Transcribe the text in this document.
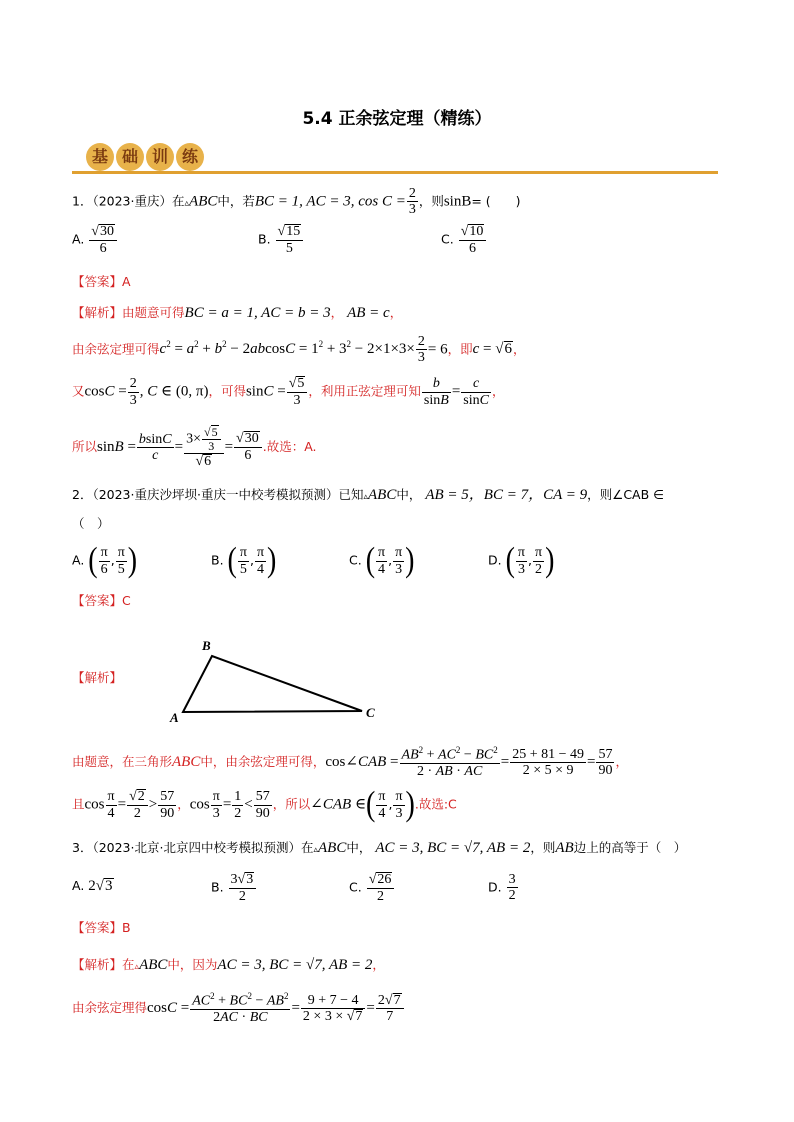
5.4 正余弦定理（精练）
基 础 训 练
1．（2023·重庆）在▵ABC中，若BC = 1, AC = 3, $\cos C = \frac{2}{3}$ ，则sinB= (　　)
A. $\frac{√30}{6}$	B. $\frac{√15}{5}$	C. $\frac{√10}{6}$
【答案】A
【解析】由题意可得BC = a = 1, AC = b = 3， AB = c，
由余弦定理可得$c^2 = a^2 + b^2 - 2abcosC = 1^2 + 3^2 - 2\times 1\times 3\times \frac{2}{3} = 6$，即c = √6，
又$\cos C = \frac{2}{3}$ , C ∈ (0, π)，可得$\sin C = \frac{√5}{3}$ ，利用正弦定理可知 $\frac{b}{\sin B} = \frac{c}{\sin C}$ ，
所以$\sin B = \frac{bsinC}{c} = \frac{3\times \frac{√5}{3}}{√6} = \frac{√30}{6}$ .故选：A.
2．（2023·重庆沙坪坝·重庆一中校考模拟预测）已知▵ABC中， AB = 5，BC = 7，CA = 9，则∠CAB ∈
（　）
A. ( $\frac{\pi}{6}$ , $\frac{\pi}{5}$ )	B. ( $\frac{\pi}{5}$ , $\frac{\pi}{4}$ )	C. ( $\frac{\pi}{4}$ , $\frac{\pi}{3}$ )	D. ( $\frac{\pi}{3}$ , $\frac{\pi}{2}$ )
【答案】C
【解析】
A
B
C
由题意，在三角形ABC中，由余弦定理可得，cos∠CAB = $\frac{AB^2 + AC^2 - BC^2}{2 \cdot AB \cdot AC} = \frac{25 + 81 - 49}{2 \times 5 \times 9} = \frac{57}{90}$ ，
且$\cos \frac{\pi}{4} = \frac{√2}{2} > \frac{57}{90}$ ，$\cos \frac{\pi}{3} = \frac{1}{2} < \frac{57}{90}$ ，所以∠CAB ∈( $\frac{\pi}{4}$ , $\frac{\pi}{3}$ ).故选:C
3．（2023·北京·北京四中校考模拟预测）在▵ABC中， AC = 3, BC = √7, AB = 2，则AB边上的高等于（　）
A. 2√3	B. $\frac{3√3}{2}$	C. $\frac{√26}{2}$	D. $\frac{3}{2}$
【答案】B
【解析】在▵ABC中，因为AC = 3, BC = √7, AB = 2，
由余弦定理得$\cos C = \frac{AC^2 + BC^2 - AB^2}{2AC \cdot BC} = \frac{9 + 7 - 4}{2 \times 3 \times √7} = \frac{2√7}{7}$
